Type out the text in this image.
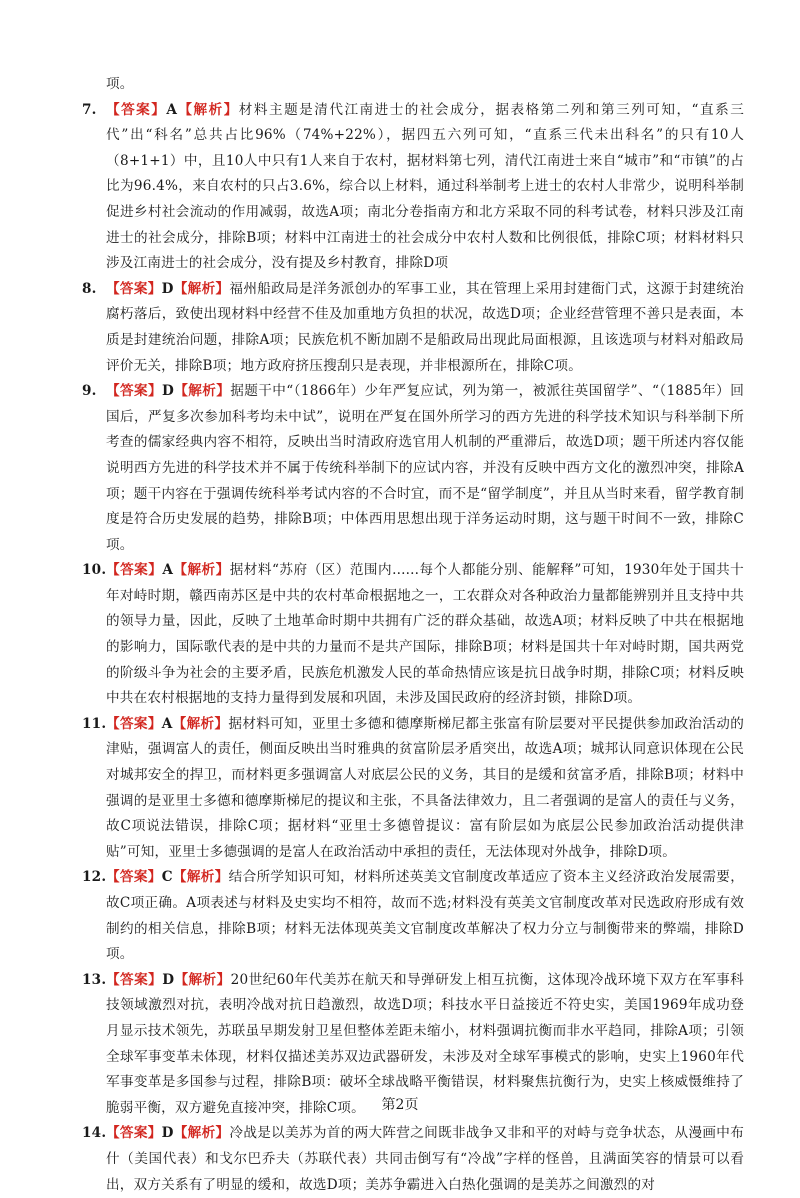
项。

7. 【答案】A【解析】材料主题是清代江南进士的社会成分，据表格第二列和第三列可知，“直系三代”出“科名”总共占比96%（74%+22%），据四五六列可知，“直系三代未出科名”的只有10人（8+1+1）中，且10人中只有1人来自于农村，据材料第七列，清代江南进士来自“城市”和“市镇”的占比为96.4%，来自农村的只占3.6%，综合以上材料，通过科举制考上进士的农村人非常少，说明科举制促进乡村社会流动的作用减弱，故选A项；南北分卷指南方和北方采取不同的科考试卷，材料只涉及江南进士的社会成分，排除B项；材料中江南进士的社会成分中农村人数和比例很低，排除C项；材料材料只涉及江南进士的社会成分，没有提及乡村教育，排除D项
8. 【答案】D【解析】福州船政局是洋务派创办的军事工业，其在管理上采用封建衙门式，这源于封建统治腐朽落后，致使出现材料中经营不佳及加重地方负担的状况，故选D项；企业经营管理不善只是表面，本质是封建统治问题，排除A项；民族危机不断加剧不是船政局出现此局面根源，且该选项与材料对船政局评价无关，排除B项；地方政府挤压搜刮只是表现，并非根源所在，排除C项。
9. 【答案】D【解析】据题干中“（1866年）少年严复应试，列为第一，被派往英国留学”、“（1885年）回国后，严复多次参加科考均未中试”，说明在严复在国外所学习的西方先进的科学技术知识与科举制下所考查的儒家经典内容不相符，反映出当时清政府选官用人机制的严重滞后，故选D项；题干所述内容仅能说明西方先进的科学技术并不属于传统科举制下的应试内容，并没有反映中西方文化的激烈冲突，排除A项；题干内容在于强调传统科举考试内容的不合时宜，而不是“留学制度”，并且从当时来看，留学教育制度是符合历史发展的趋势，排除B项；中体西用思想出现于洋务运动时期，这与题干时间不一致，排除C项。
10. 【答案】A【解析】据材料“苏府（区）范围内......每个人都能分别、能解释”可知，1930年处于国共十年对峙时期，赣西南苏区是中共的农村革命根据地之一，工农群众对各种政治力量都能辨别并且支持中共的领导力量，因此，反映了土地革命时期中共拥有广泛的群众基础，故选A项；材料反映了中共在根据地的影响力，国际歌代表的是中共的力量而不是共产国际，排除B项；材料是国共十年对峙时期，国共两党的阶级斗争为社会的主要矛盾，民族危机激发人民的革命热情应该是抗日战争时期，排除C项；材料反映中共在农村根据地的支持力量得到发展和巩固，未涉及国民政府的经济封锁，排除D项。
11. 【答案】A【解析】据材料可知，亚里士多德和德摩斯梯尼都主张富有阶层要对平民提供参加政治活动的津贴，强调富人的责任，侧面反映出当时雅典的贫富阶层矛盾突出，故选A项；城邦认同意识体现在公民对城邦安全的捍卫，而材料更多强调富人对底层公民的义务，其目的是缓和贫富矛盾，排除B项；材料中强调的是亚里士多德和德摩斯梯尼的提议和主张，不具备法律效力，且二者强调的是富人的责任与义务，故C项说法错误，排除C项；据材料“亚里士多德曾提议：富有阶层如为底层公民参加政治活动提供津贴”可知，亚里士多德强调的是富人在政治活动中承担的责任，无法体现对外战争，排除D项。
12. 【答案】C【解析】结合所学知识可知，材料所述英美文官制度改革适应了资本主义经济政治发展需要，故C项正确。A项表述与材料及史实均不相符，故而不选;材料没有英美文官制度改革对民选政府形成有效制约的相关信息，排除B项；材料无法体现英美文官制度改革解决了权力分立与制衡带来的弊端，排除D项。
13. 【答案】D【解析】20世纪60年代美苏在航天和导弹研发上相互抗衡，这体现冷战环境下双方在军事科技领域激烈对抗，表明冷战对抗日趋激烈，故选D项；科技水平日益接近不符史实，美国1969年成功登月显示技术领先，苏联虽早期发射卫星但整体差距未缩小，材料强调抗衡而非水平趋同，排除A项；引领全球军事变革未体现，材料仅描述美苏双边武器研发，未涉及对全球军事模式的影响，史实上1960年代军事变革是多国参与过程，排除B项：破坏全球战略平衡错误，材料聚焦抗衡行为，史实上核威慑维持了脆弱平衡，双方避免直接冲突，排除C项。
14. 【答案】D【解析】冷战是以美苏为首的两大阵营之间既非战争又非和平的对峙与竞争状态，从漫画中布什（美国代表）和戈尔巴乔夫（苏联代表）共同击倒写有“冷战”字样的怪兽，且满面笑容的情景可以看出，双方关系有了明显的缓和，故选D项；美苏争霸进入白热化强调的是美苏之间激烈的对
第2页
